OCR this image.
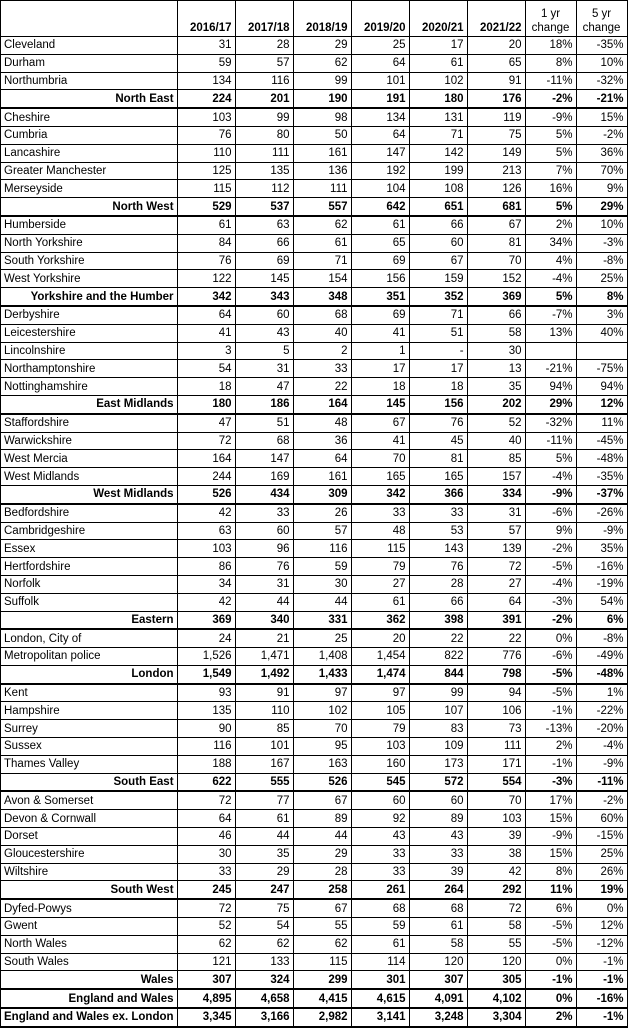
	2016/17	2017/18	2018/19	2019/20	2020/21	2021/22	1 yr change	5 yr change
Cleveland	31	28	29	25	17	20	18%	-35%
Durham	59	57	62	64	61	65	8%	10%
Northumbria	134	116	99	101	102	91	-11%	-32%
North East	224	201	190	191	180	176	-2%	-21%
Cheshire	103	99	98	134	131	119	-9%	15%
Cumbria	76	80	50	64	71	75	5%	-2%
Lancashire	110	111	161	147	142	149	5%	36%
Greater Manchester	125	135	136	192	199	213	7%	70%
Merseyside	115	112	111	104	108	126	16%	9%
North West	529	537	557	642	651	681	5%	29%
Humberside	61	63	62	61	66	67	2%	10%
North Yorkshire	84	66	61	65	60	81	34%	-3%
South Yorkshire	76	69	71	69	67	70	4%	-8%
West Yorkshire	122	145	154	156	159	152	-4%	25%
Yorkshire and the Humber	342	343	348	351	352	369	5%	8%
Derbyshire	64	60	68	69	71	66	-7%	3%
Leicestershire	41	43	40	41	51	58	13%	40%
Lincolnshire	3	5	2	1	-	30		
Northamptonshire	54	31	33	17	17	13	-21%	-75%
Nottinghamshire	18	47	22	18	18	35	94%	94%
East Midlands	180	186	164	145	156	202	29%	12%
Staffordshire	47	51	48	67	76	52	-32%	11%
Warwickshire	72	68	36	41	45	40	-11%	-45%
West Mercia	164	147	64	70	81	85	5%	-48%
West Midlands	244	169	161	165	165	157	-4%	-35%
West Midlands	526	434	309	342	366	334	-9%	-37%
Bedfordshire	42	33	26	33	33	31	-6%	-26%
Cambridgeshire	63	60	57	48	53	57	9%	-9%
Essex	103	96	116	115	143	139	-2%	35%
Hertfordshire	86	76	59	79	76	72	-5%	-16%
Norfolk	34	31	30	27	28	27	-4%	-19%
Suffolk	42	44	44	61	66	64	-3%	54%
Eastern	369	340	331	362	398	391	-2%	6%
London, City of	24	21	25	20	22	22	0%	-8%
Metropolitan police	1,526	1,471	1,408	1,454	822	776	-6%	-49%
London	1,549	1,492	1,433	1,474	844	798	-5%	-48%
Kent	93	91	97	97	99	94	-5%	1%
Hampshire	135	110	102	105	107	106	-1%	-22%
Surrey	90	85	70	79	83	73	-13%	-20%
Sussex	116	101	95	103	109	111	2%	-4%
Thames Valley	188	167	163	160	173	171	-1%	-9%
South East	622	555	526	545	572	554	-3%	-11%
Avon & Somerset	72	77	67	60	60	70	17%	-2%
Devon & Cornwall	64	61	89	92	89	103	15%	60%
Dorset	46	44	44	43	43	39	-9%	-15%
Gloucestershire	30	35	29	33	33	38	15%	25%
Wiltshire	33	29	28	33	39	42	8%	26%
South West	245	247	258	261	264	292	11%	19%
Dyfed-Powys	72	75	67	68	68	72	6%	0%
Gwent	52	54	55	59	61	58	-5%	12%
North Wales	62	62	62	61	58	55	-5%	-12%
South Wales	121	133	115	114	120	120	0%	-1%
Wales	307	324	299	301	307	305	-1%	-1%
England and Wales	4,895	4,658	4,415	4,615	4,091	4,102	0%	-16%
England and Wales ex. London	3,345	3,166	2,982	3,141	3,248	3,304	2%	-1%
